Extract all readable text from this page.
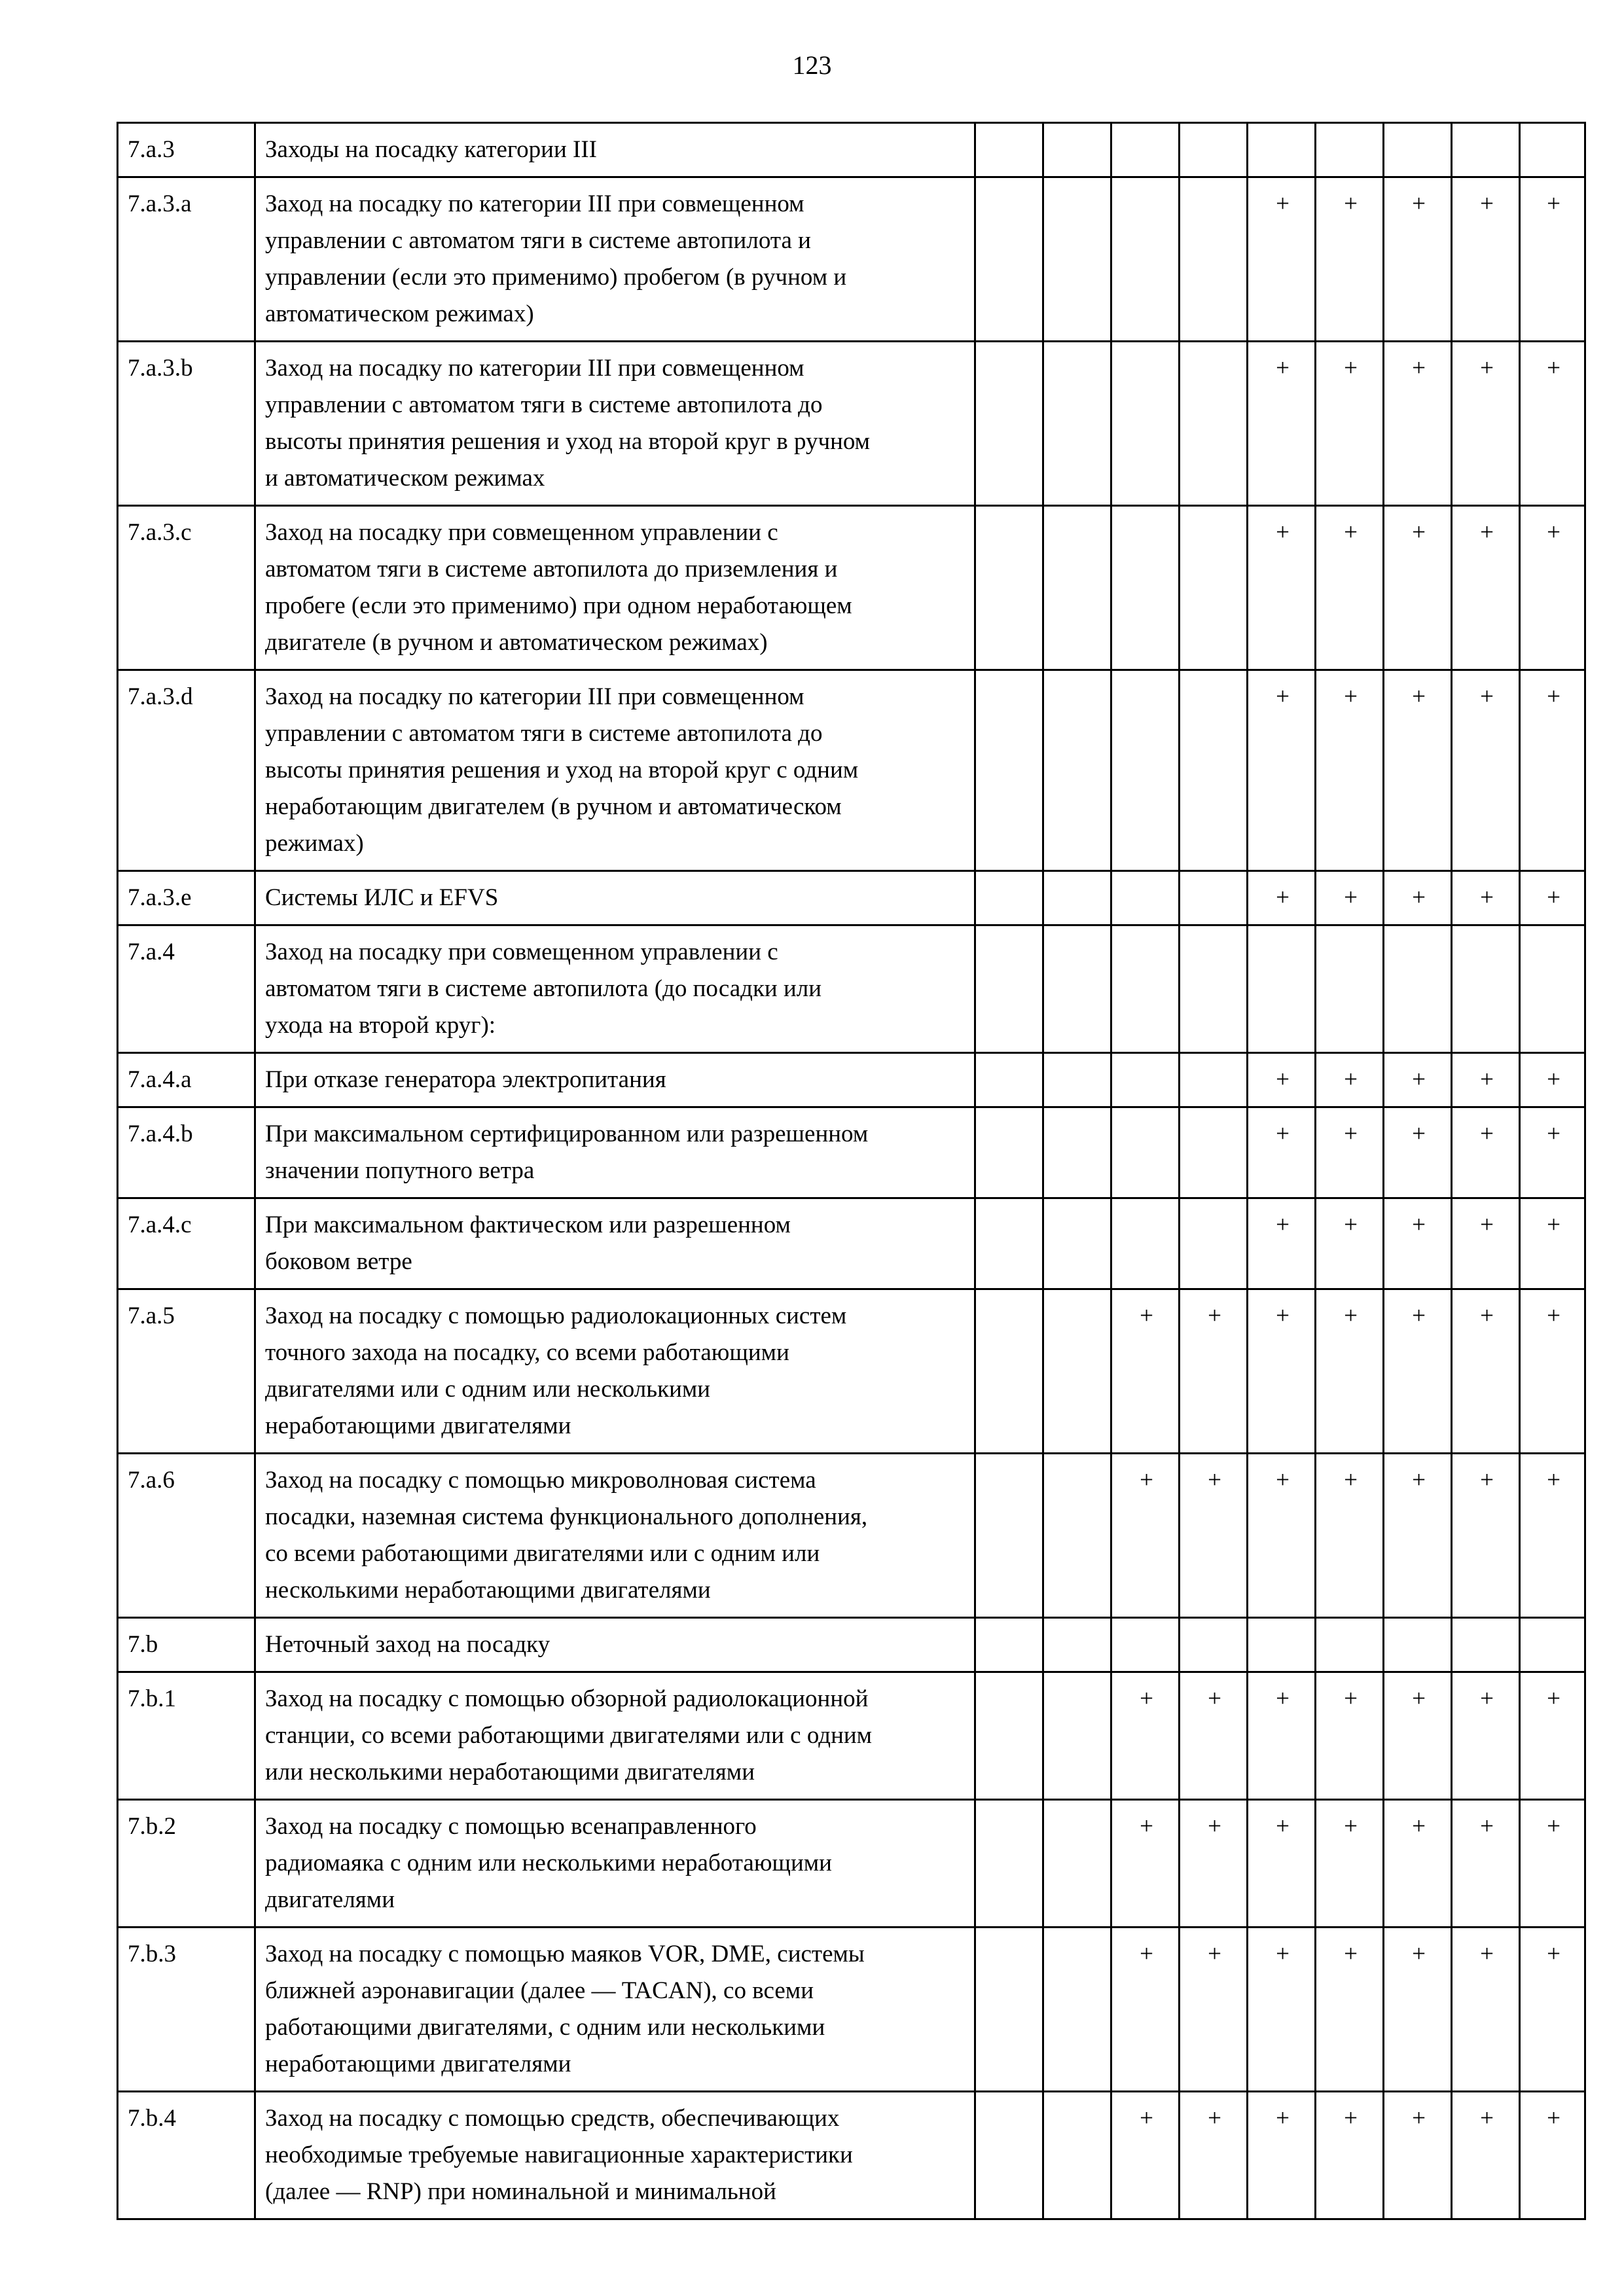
123
7.a.3	Заходы на посадку категории III									
7.a.3.a	Заход на посадку по категории III при совмещенном
управлении с автоматом тяги в системе автопилота и
управлении (если это применимо) пробегом (в ручном и
автоматическом режимах)					+	+	+	+	+
7.a.3.b	Заход на посадку по категории III при совмещенном
управлении с автоматом тяги в системе автопилота до
высоты принятия решения и уход на второй круг в ручном
и автоматическом режимах					+	+	+	+	+
7.a.3.c	Заход на посадку при совмещенном управлении с
автоматом тяги в системе автопилота до приземления и
пробеге (если это применимо) при одном неработающем
двигателе (в ручном и автоматическом режимах)					+	+	+	+	+
7.a.3.d	Заход на посадку по категории III при совмещенном
управлении с автоматом тяги в системе автопилота до
высоты принятия решения и уход на второй круг с одним
неработающим двигателем (в ручном и автоматическом
режимах)					+	+	+	+	+
7.a.3.e	Системы ИЛС и EFVS					+	+	+	+	+
7.a.4	Заход на посадку при совмещенном управлении с
автоматом тяги в системе автопилота (до посадки или
ухода на второй круг):									
7.a.4.a	При отказе генератора электропитания					+	+	+	+	+
7.a.4.b	При максимальном сертифицированном или разрешенном
значении попутного ветра					+	+	+	+	+
7.a.4.c	При максимальном фактическом или разрешенном
боковом ветре					+	+	+	+	+
7.a.5	Заход на посадку с помощью радиолокационных систем
точного захода на посадку, со всеми работающими
двигателями или с одним или несколькими
неработающими двигателями			+	+	+	+	+	+	+
7.a.6	Заход на посадку с помощью микроволновая система
посадки, наземная система функционального дополнения,
со всеми работающими двигателями или с одним или
несколькими неработающими двигателями			+	+	+	+	+	+	+
7.b	Неточный заход на посадку									
7.b.1	Заход на посадку с помощью обзорной радиолокационной
станции, со всеми работающими двигателями или с одним
или несколькими неработающими двигателями			+	+	+	+	+	+	+
7.b.2	Заход на посадку с помощью всенаправленного
радиомаяка с одним или несколькими неработающими
двигателями			+	+	+	+	+	+	+
7.b.3	Заход на посадку с помощью маяков VOR, DME, системы
ближней аэронавигации (далее — TACAN), со всеми
работающими двигателями, с одним или несколькими
неработающими двигателями			+	+	+	+	+	+	+
7.b.4	Заход на посадку с помощью средств, обеспечивающих
необходимые требуемые навигационные характеристики
(далее — RNP) при номинальной и минимальной			+	+	+	+	+	+	+
